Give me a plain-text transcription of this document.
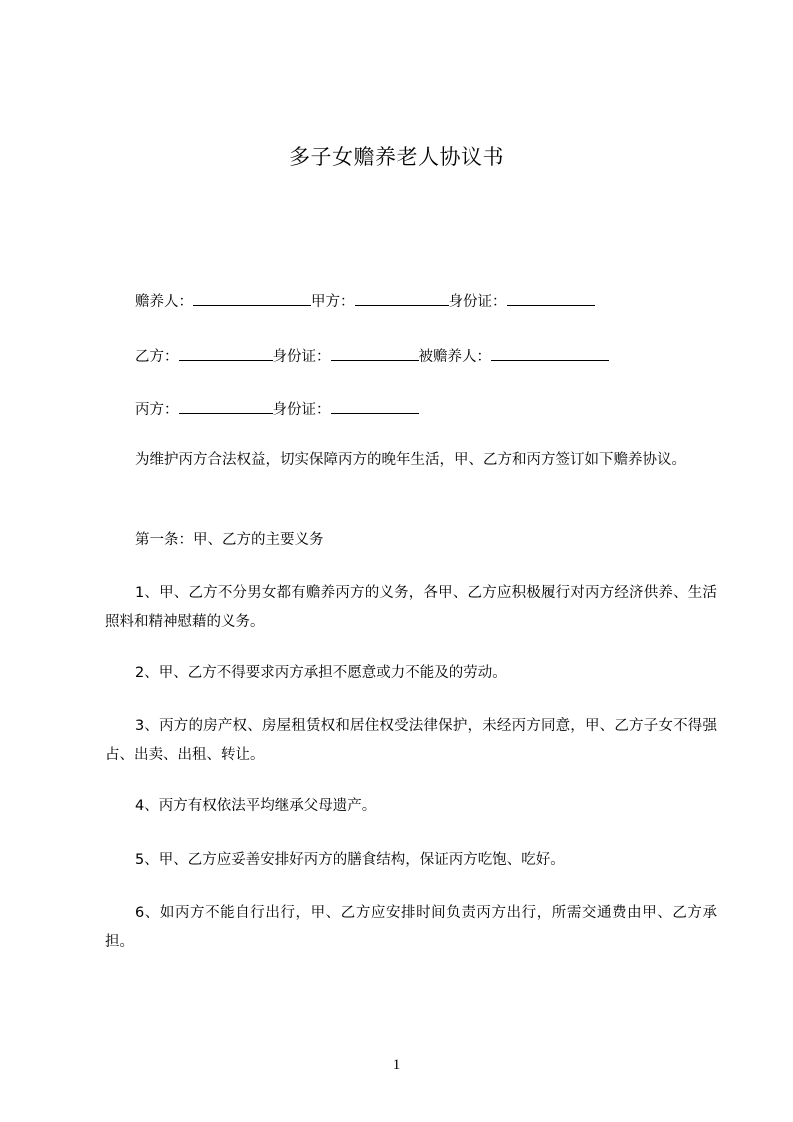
多子女赡养老人协议书
赡养人：	甲方：	身份证：
乙方：	身份证：	被赡养人：
丙方：	身份证：
为维护丙方合法权益，切实保障丙方的晚年生活，甲、乙方和丙方签订如下赡养协议。
第一条：甲、乙方的主要义务
1、甲、乙方不分男女都有赡养丙方的义务，各甲、乙方应积极履行对丙方经济供养、生活照料和精神慰藉的义务。
2、甲、乙方不得要求丙方承担不愿意或力不能及的劳动。
3、丙方的房产权、房屋租赁权和居住权受法律保护，未经丙方同意，甲、乙方子女不得强占、出卖、出租、转让。
4、丙方有权依法平均继承父母遗产。
5、甲、乙方应妥善安排好丙方的膳食结构，保证丙方吃饱、吃好。
6、如丙方不能自行出行，甲、乙方应安排时间负责丙方出行，所需交通费由甲、乙方承担。
1
